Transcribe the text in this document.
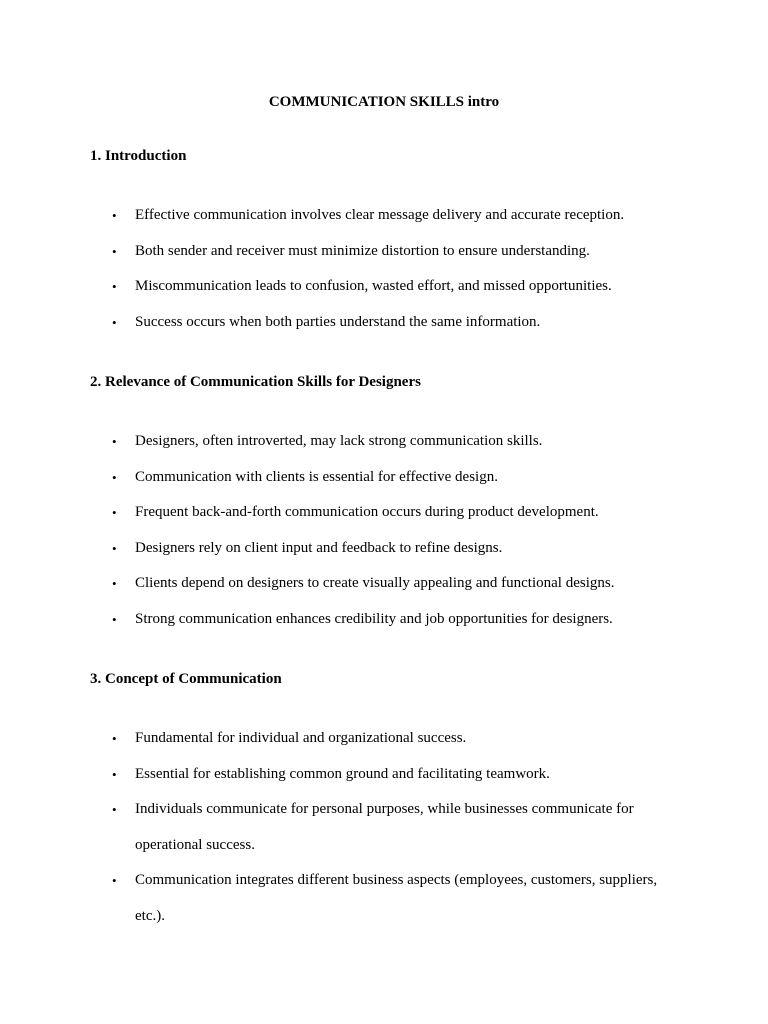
COMMUNICATION SKILLS intro
1. Introduction
• Effective communication involves clear message delivery and accurate reception.
• Both sender and receiver must minimize distortion to ensure understanding.
• Miscommunication leads to confusion, wasted effort, and missed opportunities.
• Success occurs when both parties understand the same information.
2. Relevance of Communication Skills for Designers
• Designers, often introverted, may lack strong communication skills.
• Communication with clients is essential for effective design.
• Frequent back-and-forth communication occurs during product development.
• Designers rely on client input and feedback to refine designs.
• Clients depend on designers to create visually appealing and functional designs.
• Strong communication enhances credibility and job opportunities for designers.
3. Concept of Communication
• Fundamental for individual and organizational success.
• Essential for establishing common ground and facilitating teamwork.
• Individuals communicate for personal purposes, while businesses communicate for operational success.
• Communication integrates different business aspects (employees, customers, suppliers, etc.).
